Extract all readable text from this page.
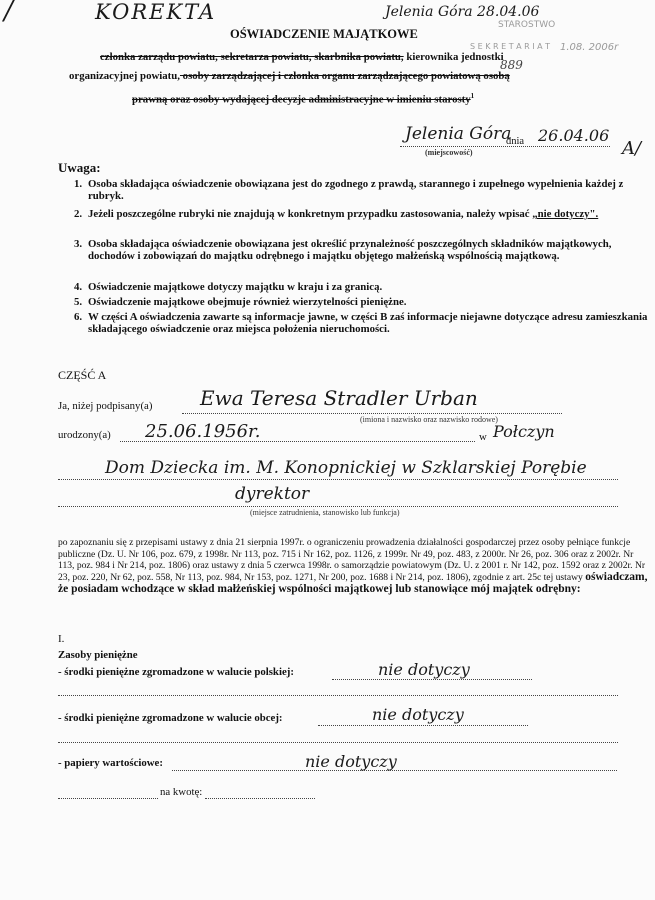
/	KOREKTA	Jelenia Góra 28.04.06
STAROSTWO
S E K R E T A R I A T 1.08. 2006r
889
OŚWIADCZENIE MAJĄTKOWE
członka zarządu powiatu, sekretarza powiatu, skarbnika powiatu, kierownika jednostki
organizacyjnej powiatu, osoby zarządzającej i członka organu zarządzającego powiatową osobą
prawną oraz osoby wydającej decyzje administracyjne w imieniu starosty$^1$
Jelenia Góra
dnia 26.04.06
(miejscowość)	A/
Uwaga:
1. Osoba składająca oświadczenie obowiązana jest do zgodnego z prawdą, starannego i zupełnego wypełnienia każdej z rubryk.
2. Jeżeli poszczególne rubryki nie znajdują w konkretnym przypadku zastosowania, należy wpisać „nie dotyczy".
3. Osoba składająca oświadczenie obowiązana jest określić przynależność poszczególnych składników majątkowych, dochodów i zobowiązań do majątku odrębnego i majątku objętego małżeńską wspólnością majątkową.
4. Oświadczenie majątkowe dotyczy majątku w kraju i za granicą.
5. Oświadczenie majątkowe obejmuje również wierzytelności pieniężne.
6. W części A oświadczenia zawarte są informacje jawne, w części B zaś informacje niejawne dotyczące adresu zamieszkania składającego oświadczenie oraz miejsca położenia nieruchomości.
CZĘŚĆ A
Ja, niżej podpisany(a) Ewa Teresa Stradler Urban
(imiona i nazwisko oraz nazwisko rodowe)
urodzony(a) 25.06.1956r.	w Połczyn
Dom Dziecka im. M. Konopnickiej w Szklarskiej Porębie
dyrektor
(miejsce zatrudnienia, stanowisko lub funkcja)
po zapoznaniu się z przepisami ustawy z dnia 21 sierpnia 1997r. o ograniczeniu prowadzenia działalności gospodarczej przez osoby pełniące funkcje publiczne (Dz. U. Nr 106, poz. 679, z 1998r. Nr 113, poz. 715 i Nr 162, poz. 1126, z 1999r. Nr 49, poz. 483, z 2000r. Nr 26, poz. 306 oraz z 2002r. Nr 113, poz. 984 i Nr 214, poz. 1806) oraz ustawy z dnia 5 czerwca 1998r. o samorządzie powiatowym (Dz. U. z 2001 r. Nr 142, poz. 1592 oraz z 2002r. Nr 23, poz. 220, Nr 62, poz. 558, Nr 113, poz. 984, Nr 153, poz. 1271, Nr 200, poz. 1688 i Nr 214, poz. 1806), zgodnie z art. 25c tej ustawy oświadczam, że posiadam wchodzące w skład małżeńskiej wspólności majątkowej lub stanowiące mój majątek odrębny:
I.
Zasoby pieniężne
- środki pieniężne zgromadzone w walucie polskiej:	nie dotyczy
- środki pieniężne zgromadzone w walucie obcej:	nie dotyczy
- papiery wartościowe:	nie dotyczy
na kwotę:
